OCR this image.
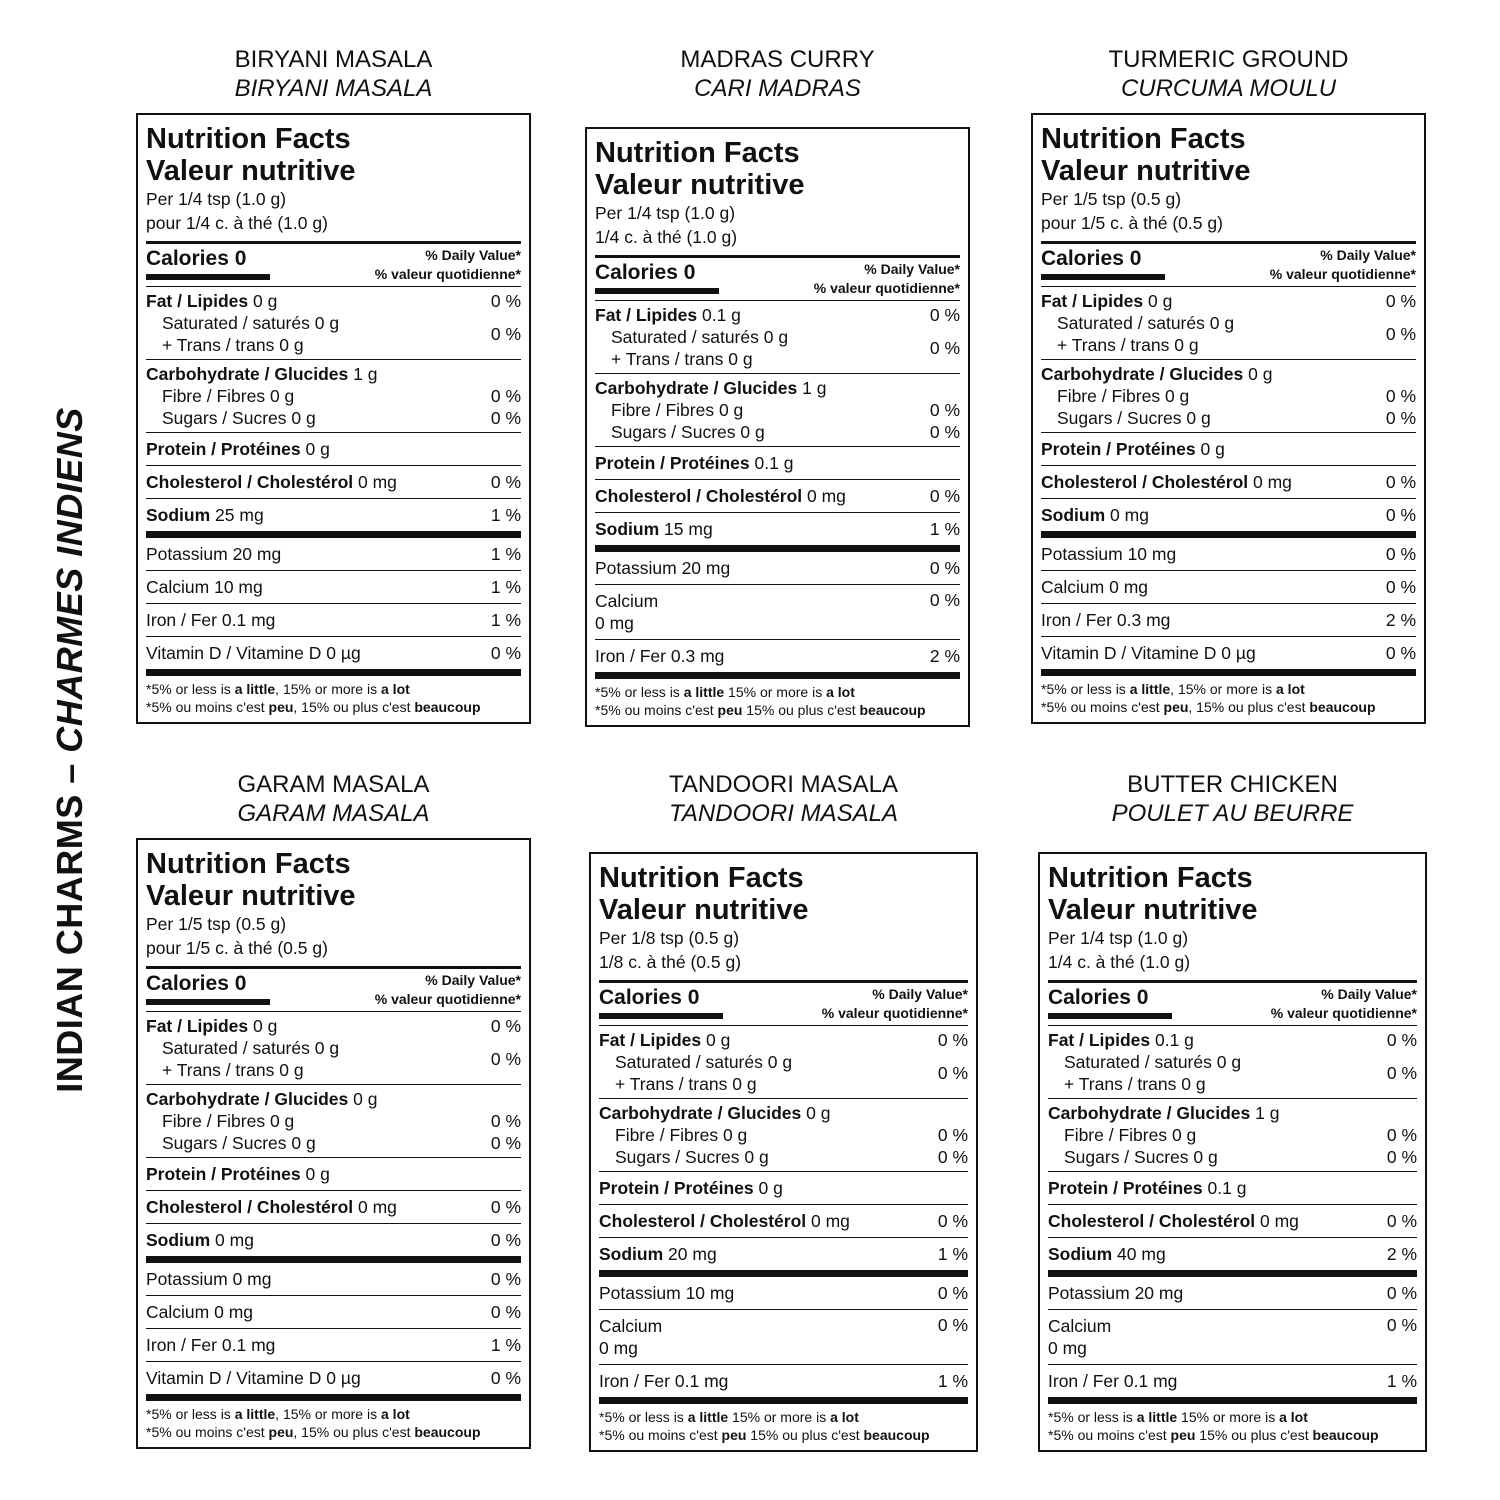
INDIAN CHARMS – CHARMES INDIENS
BIRYANI MASALA
BIRYANI MASALA
Nutrition Facts
Valeur nutritive
Per 1/4 tsp (1.0 g)
pour 1/4 c. à thé (1.0 g)
Calories 0	% Daily Value*
% valeur quotidienne*
Fat / Lipides 0 g	0 %
Saturated / saturés 0 g
+ Trans / trans 0 g
0 %
Carbohydrate / Glucides 1 g
Fibre / Fibres 0 g	0 %
Sugars / Sucres 0 g	0 %
Protein / Protéines 0 g
Cholesterol / Cholestérol 0 mg	0 %
Sodium 25 mg	1 %
Potassium 20 mg	1 %
Calcium 10 mg	1 %
Iron / Fer 0.1 mg	1 %
Vitamin D / Vitamine D 0 µg	0 %
*5% or less is a little, 15% or more is a lot
*5% ou moins c'est peu, 15% ou plus c'est beaucoup
MADRAS CURRY
CARI MADRAS
Nutrition Facts
Valeur nutritive
Per 1/4 tsp (1.0 g)
1/4 c. à thé (1.0 g)
Calories 0	% Daily Value*
% valeur quotidienne*
Fat / Lipides 0.1 g	0 %
Saturated / saturés 0 g
+ Trans / trans 0 g
0 %
Carbohydrate / Glucides 1 g
Fibre / Fibres 0 g	0 %
Sugars / Sucres 0 g	0 %
Protein / Protéines 0.1 g
Cholesterol / Cholestérol 0 mg	0 %
Sodium 15 mg	1 %
Potassium 20 mg	0 %
Calcium
0 mg
0 %
Iron / Fer 0.3 mg	2 %
*5% or less is a little 15% or more is a lot
*5% ou moins c'est peu 15% ou plus c'est beaucoup
TURMERIC GROUND
CURCUMA MOULU
Nutrition Facts
Valeur nutritive
Per 1/5 tsp (0.5 g)
pour 1/5 c. à thé (0.5 g)
Calories 0	% Daily Value*
% valeur quotidienne*
Fat / Lipides 0 g	0 %
Saturated / saturés 0 g
+ Trans / trans 0 g
0 %
Carbohydrate / Glucides 0 g
Fibre / Fibres 0 g	0 %
Sugars / Sucres 0 g	0 %
Protein / Protéines 0 g
Cholesterol / Cholestérol 0 mg	0 %
Sodium 0 mg	0 %
Potassium 10 mg	0 %
Calcium 0 mg	0 %
Iron / Fer 0.3 mg	2 %
Vitamin D / Vitamine D 0 µg	0 %
*5% or less is a little, 15% or more is a lot
*5% ou moins c'est peu, 15% ou plus c'est beaucoup
GARAM MASALA
GARAM MASALA
Nutrition Facts
Valeur nutritive
Per 1/5 tsp (0.5 g)
pour 1/5 c. à thé (0.5 g)
Calories 0	% Daily Value*
% valeur quotidienne*
Fat / Lipides 0 g	0 %
Saturated / saturés 0 g
+ Trans / trans 0 g
0 %
Carbohydrate / Glucides 0 g
Fibre / Fibres 0 g	0 %
Sugars / Sucres 0 g	0 %
Protein / Protéines 0 g
Cholesterol / Cholestérol 0 mg	0 %
Sodium 0 mg	0 %
Potassium 0 mg	0 %
Calcium 0 mg	0 %
Iron / Fer 0.1 mg	1 %
Vitamin D / Vitamine D 0 µg	0 %
*5% or less is a little, 15% or more is a lot
*5% ou moins c'est peu, 15% ou plus c'est beaucoup
TANDOORI MASALA
TANDOORI MASALA
Nutrition Facts
Valeur nutritive
Per 1/8 tsp (0.5 g)
1/8 c. à thé (0.5 g)
Calories 0	% Daily Value*
% valeur quotidienne*
Fat / Lipides 0 g	0 %
Saturated / saturés 0 g
+ Trans / trans 0 g
0 %
Carbohydrate / Glucides 0 g
Fibre / Fibres 0 g	0 %
Sugars / Sucres 0 g	0 %
Protein / Protéines 0 g
Cholesterol / Cholestérol 0 mg	0 %
Sodium 20 mg	1 %
Potassium 10 mg	0 %
Calcium
0 mg
0 %
Iron / Fer 0.1 mg	1 %
*5% or less is a little 15% or more is a lot
*5% ou moins c'est peu 15% ou plus c'est beaucoup
BUTTER CHICKEN
POULET AU BEURRE
Nutrition Facts
Valeur nutritive
Per 1/4 tsp (1.0 g)
1/4 c. à thé (1.0 g)
Calories 0	% Daily Value*
% valeur quotidienne*
Fat / Lipides 0.1 g	0 %
Saturated / saturés 0 g
+ Trans / trans 0 g
0 %
Carbohydrate / Glucides 1 g
Fibre / Fibres 0 g	0 %
Sugars / Sucres 0 g	0 %
Protein / Protéines 0.1 g
Cholesterol / Cholestérol 0 mg	0 %
Sodium 40 mg	2 %
Potassium 20 mg	0 %
Calcium
0 mg
0 %
Iron / Fer 0.1 mg	1 %
*5% or less is a little 15% or more is a lot
*5% ou moins c'est peu 15% ou plus c'est beaucoup
